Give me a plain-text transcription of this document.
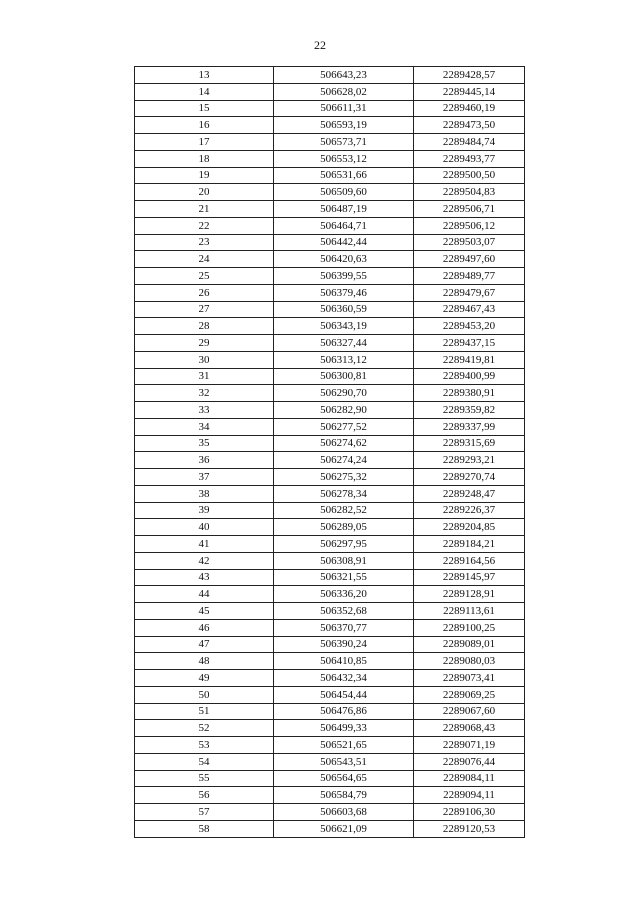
22
13	506643,23	2289428,57
14	506628,02	2289445,14
15	506611,31	2289460,19
16	506593,19	2289473,50
17	506573,71	2289484,74
18	506553,12	2289493,77
19	506531,66	2289500,50
20	506509,60	2289504,83
21	506487,19	2289506,71
22	506464,71	2289506,12
23	506442,44	2289503,07
24	506420,63	2289497,60
25	506399,55	2289489,77
26	506379,46	2289479,67
27	506360,59	2289467,43
28	506343,19	2289453,20
29	506327,44	2289437,15
30	506313,12	2289419,81
31	506300,81	2289400,99
32	506290,70	2289380,91
33	506282,90	2289359,82
34	506277,52	2289337,99
35	506274,62	2289315,69
36	506274,24	2289293,21
37	506275,32	2289270,74
38	506278,34	2289248,47
39	506282,52	2289226,37
40	506289,05	2289204,85
41	506297,95	2289184,21
42	506308,91	2289164,56
43	506321,55	2289145,97
44	506336,20	2289128,91
45	506352,68	2289113,61
46	506370,77	2289100,25
47	506390,24	2289089,01
48	506410,85	2289080,03
49	506432,34	2289073,41
50	506454,44	2289069,25
51	506476,86	2289067,60
52	506499,33	2289068,43
53	506521,65	2289071,19
54	506543,51	2289076,44
55	506564,65	2289084,11
56	506584,79	2289094,11
57	506603,68	2289106,30
58	506621,09	2289120,53
